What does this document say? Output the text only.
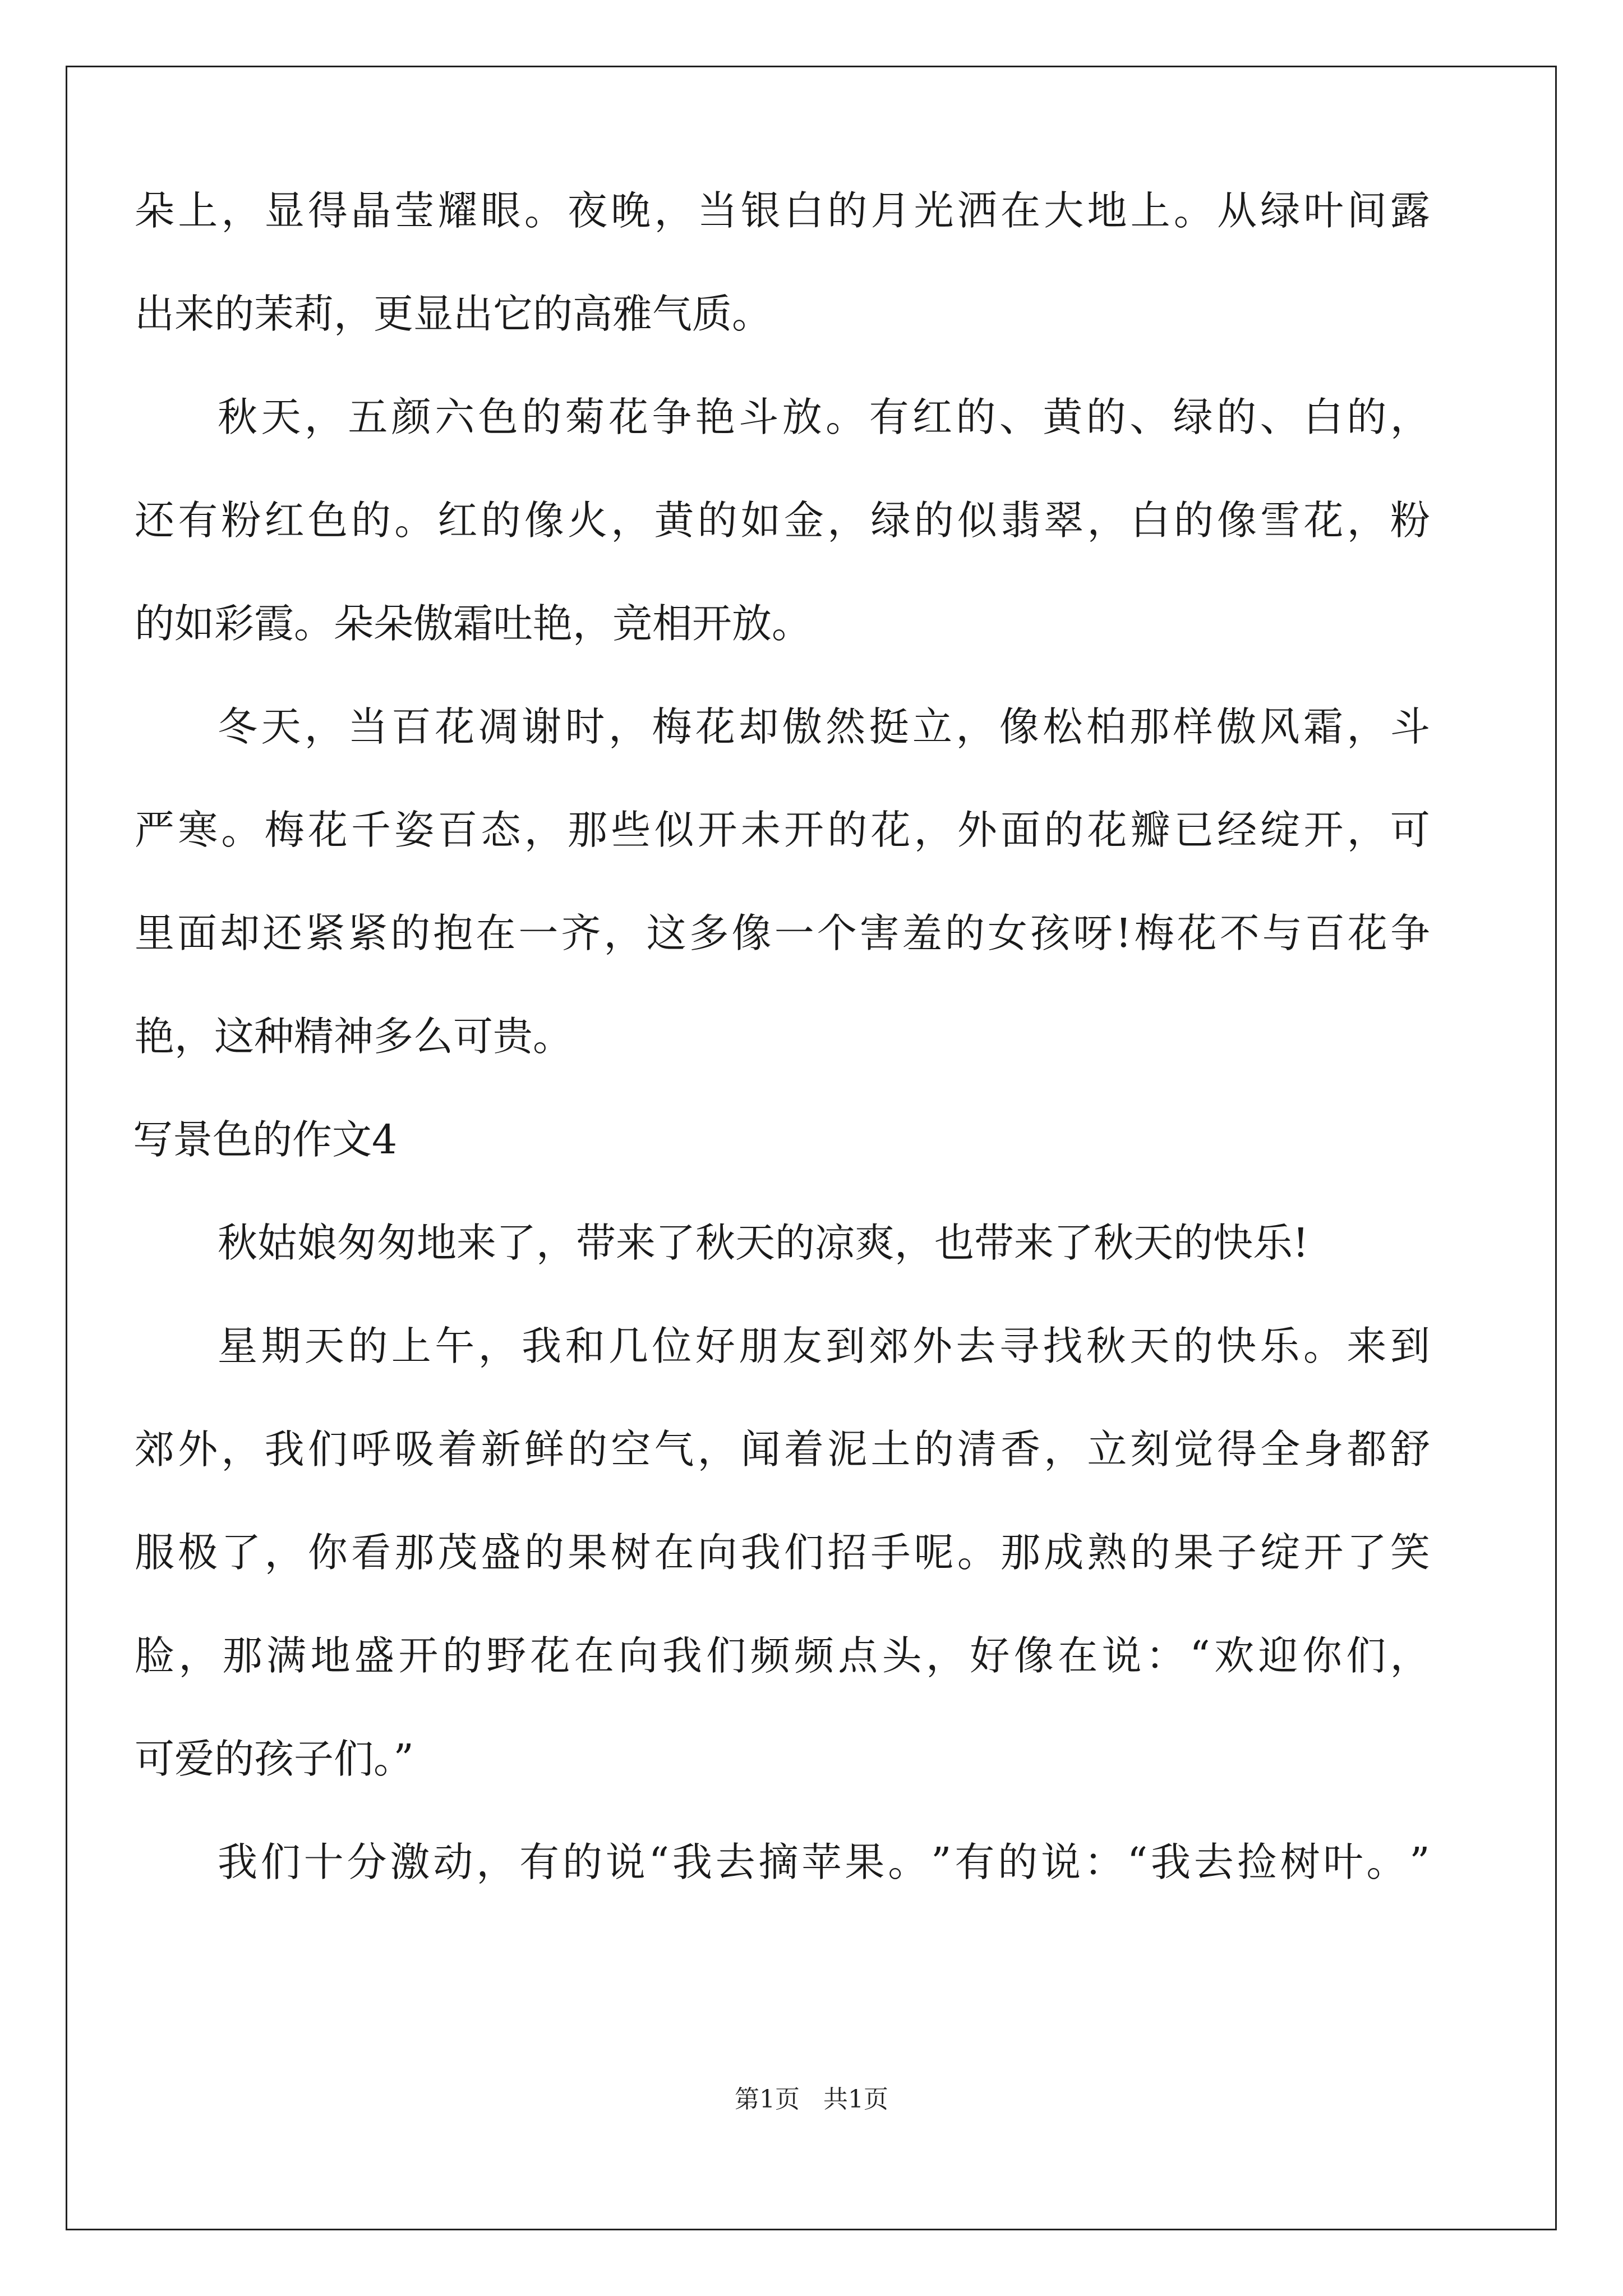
朵 上 ， 显 得 晶 莹 耀 眼 。 夜 晚 ， 当 银 白 的 月 光 洒 在 大 地 上 。 从 绿 叶 间 露
出来的茉莉，更显出它的高雅气质。
秋 天 ， 五 颜 六 色 的 菊 花 争 艳 斗 放 。 有 红 的 、 黄 的 、 绿 的 、 白 的 ，
还 有 粉 红 色 的 。 红 的 像 火 ， 黄 的 如 金 ， 绿 的 似 翡 翠 ， 白 的 像 雪 花 ， 粉
的如彩霞。朵朵傲霜吐艳，竞相开放。
冬 天 ， 当 百 花 凋 谢 时 ， 梅 花 却 傲 然 挺 立 ， 像 松 柏 那 样 傲 风 霜 ， 斗
严 寒 。 梅 花 千 姿 百 态 ， 那 些 似 开 未 开 的 花 ， 外 面 的 花 瓣 已 经 绽 开 ， 可
里 面 却 还 紧 紧 的 抱 在 一 齐 ， 这 多 像 一 个 害 羞 的 女 孩 呀 ! 梅 花 不 与 百 花 争
艳，这种精神多么可贵。
写景色的作文4
秋姑娘匆匆地来了，带来了秋天的凉爽，也带来了秋天的快乐!
星 期 天 的 上 午 ， 我 和 几 位 好 朋 友 到 郊 外 去 寻 找 秋 天 的 快 乐 。 来 到
郊 外 ， 我 们 呼 吸 着 新 鲜 的 空 气 ， 闻 着 泥 土 的 清 香 ， 立 刻 觉 得 全 身 都 舒
服 极 了 ， 你 看 那 茂 盛 的 果 树 在 向 我 们 招 手 呢 。 那 成 熟 的 果 子 绽 开 了 笑
脸 ， 那 满 地 盛 开 的 野 花 在 向 我 们 频 频 点 头 ， 好 像 在 说 ： “ 欢 迎 你 们 ，
可爱的孩子们。”
我 们 十 分 激 动 ， 有 的 说 “ 我 去 摘 苹 果 。 ” 有 的 说 ： “ 我 去 捡 树 叶 。 ”
第1页   共1页
